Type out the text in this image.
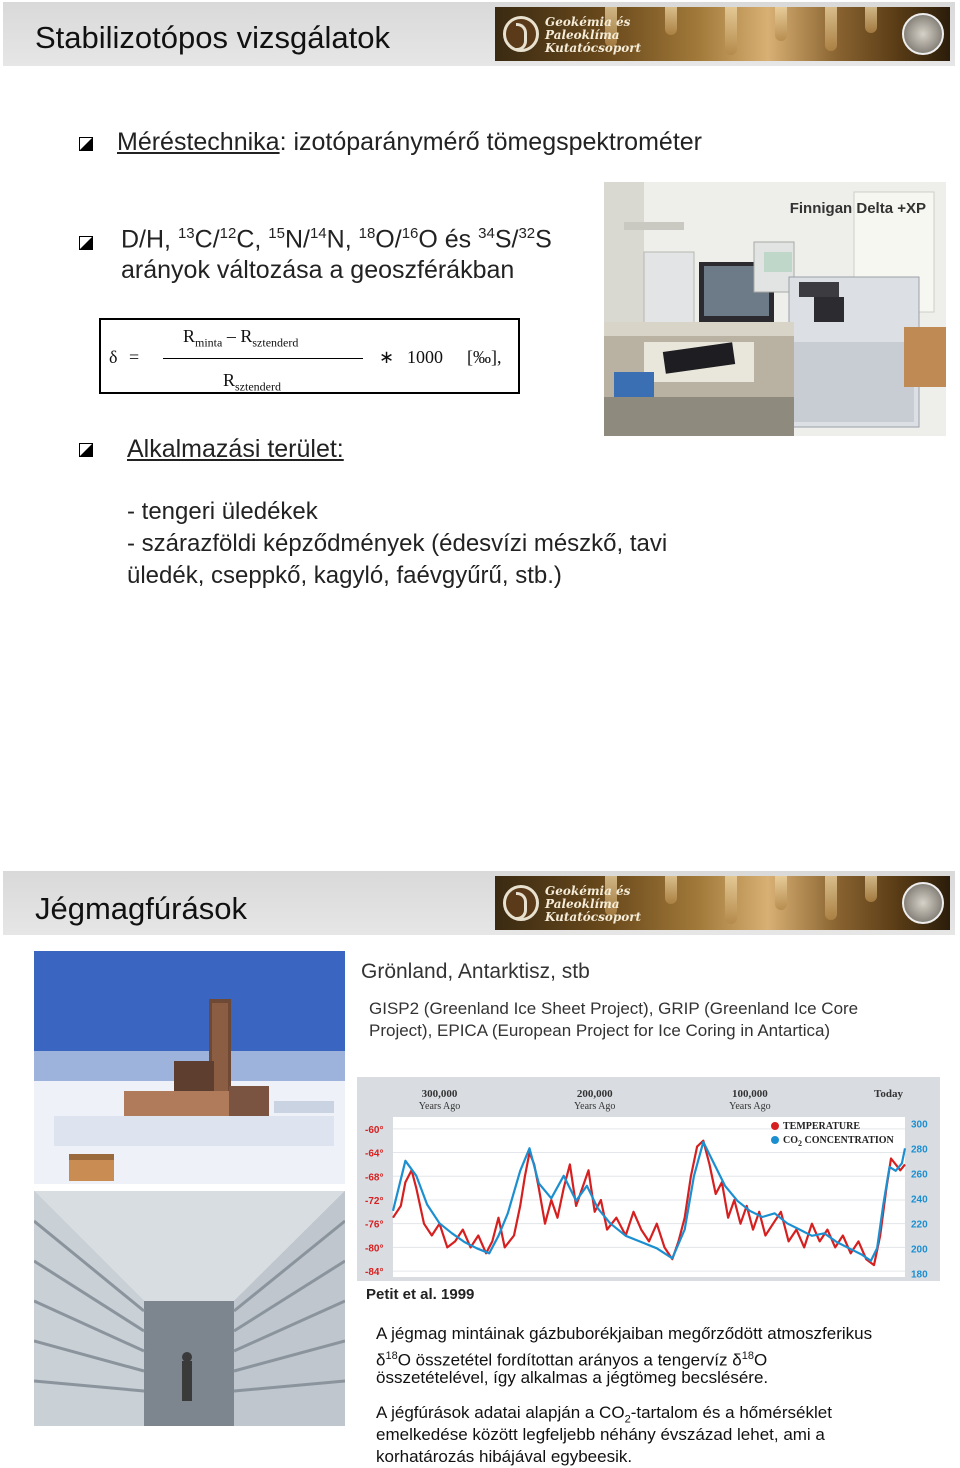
Stabilizotópos vizsgálatok	Geokémia és
Paleoklíma
Kutatócsoport
Méréstechnika: izotóparánymérő tömegspektrométer
D/H, $^{13}$C/$^{12}$C, $^{15}$N/$^{14}$N, $^{18}$O/$^{16}$O és $^{34}$S/$^{32}$S
arányok változása a geoszférákban
δ =
$R_{minta} - R_{sztenderd}$
$R_{sztenderd}$
∗ 1000 [‰],
Finnigan Delta +XP
Alkalmazási terület:
- tengeri üledékek
- szárazföldi képződmények (édesvízi mészkő, tavi
üledék, cseppkő, kagyló, faévgyűrű, stb.)
Jégmagfúrások	Geokémia és
Paleoklíma
Kutatócsoport
Grönland, Antarktisz, stb
GISP2 (Greenland Ice Sheet Project), GRIP (Greenland Ice Core
Project), EPICA (European Project for Ice Coring in Antartica)
-60°
-64°
-68°
-72°
-76°
-80°
-84°
300
280
260
240
220
200
180
300,000
Years Ago
200,000
Years Ago
100,000
Years Ago
Today
TEMPERATURE
$CO_2$ CONCENTRATION
Petit et al. 1999
A jégmag mintáinak gázbuborékjaiban megőrződött atmoszferikus
$\delta^{18}O$ összetétel fordítottan arányos a tengervíz $\delta^{18}O$
összetételével, így alkalmas a jégtömeg becslésére.
A jégfúrások adatai alapján a $CO_2$-tartalom és a hőmérséklet
emelkedése között legfeljebb néhány évszázad lehet, ami a
korhatározás hibájával egybeesik.
